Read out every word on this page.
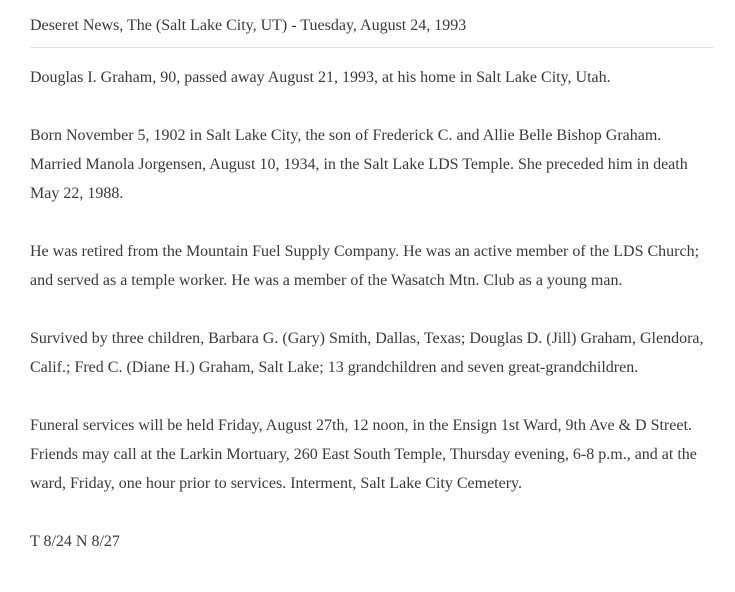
Deseret News, The (Salt Lake City, UT) - Tuesday, August 24, 1993

Douglas I. Graham, 90, passed away August 21, 1993, at his home in Salt Lake City, Utah.

Born November 5, 1902 in Salt Lake City, the son of Frederick C. and Allie Belle Bishop Graham. Married Manola Jorgensen, August 10, 1934, in the Salt Lake LDS Temple. She preceded him in death May 22, 1988.

He was retired from the Mountain Fuel Supply Company. He was an active member of the LDS Church; and served as a temple worker. He was a member of the Wasatch Mtn. Club as a young man.

Survived by three children, Barbara G. (Gary) Smith, Dallas, Texas; Douglas D. (Jill) Graham, Glendora, Calif.; Fred C. (Diane H.) Graham, Salt Lake; 13 grandchildren and seven great-grandchildren.

Funeral services will be held Friday, August 27th, 12 noon, in the Ensign 1st Ward, 9th Ave & D Street. Friends may call at the Larkin Mortuary, 260 East South Temple, Thursday evening, 6-8 p.m., and at the ward, Friday, one hour prior to services. Interment, Salt Lake City Cemetery.

T 8/24 N 8/27
